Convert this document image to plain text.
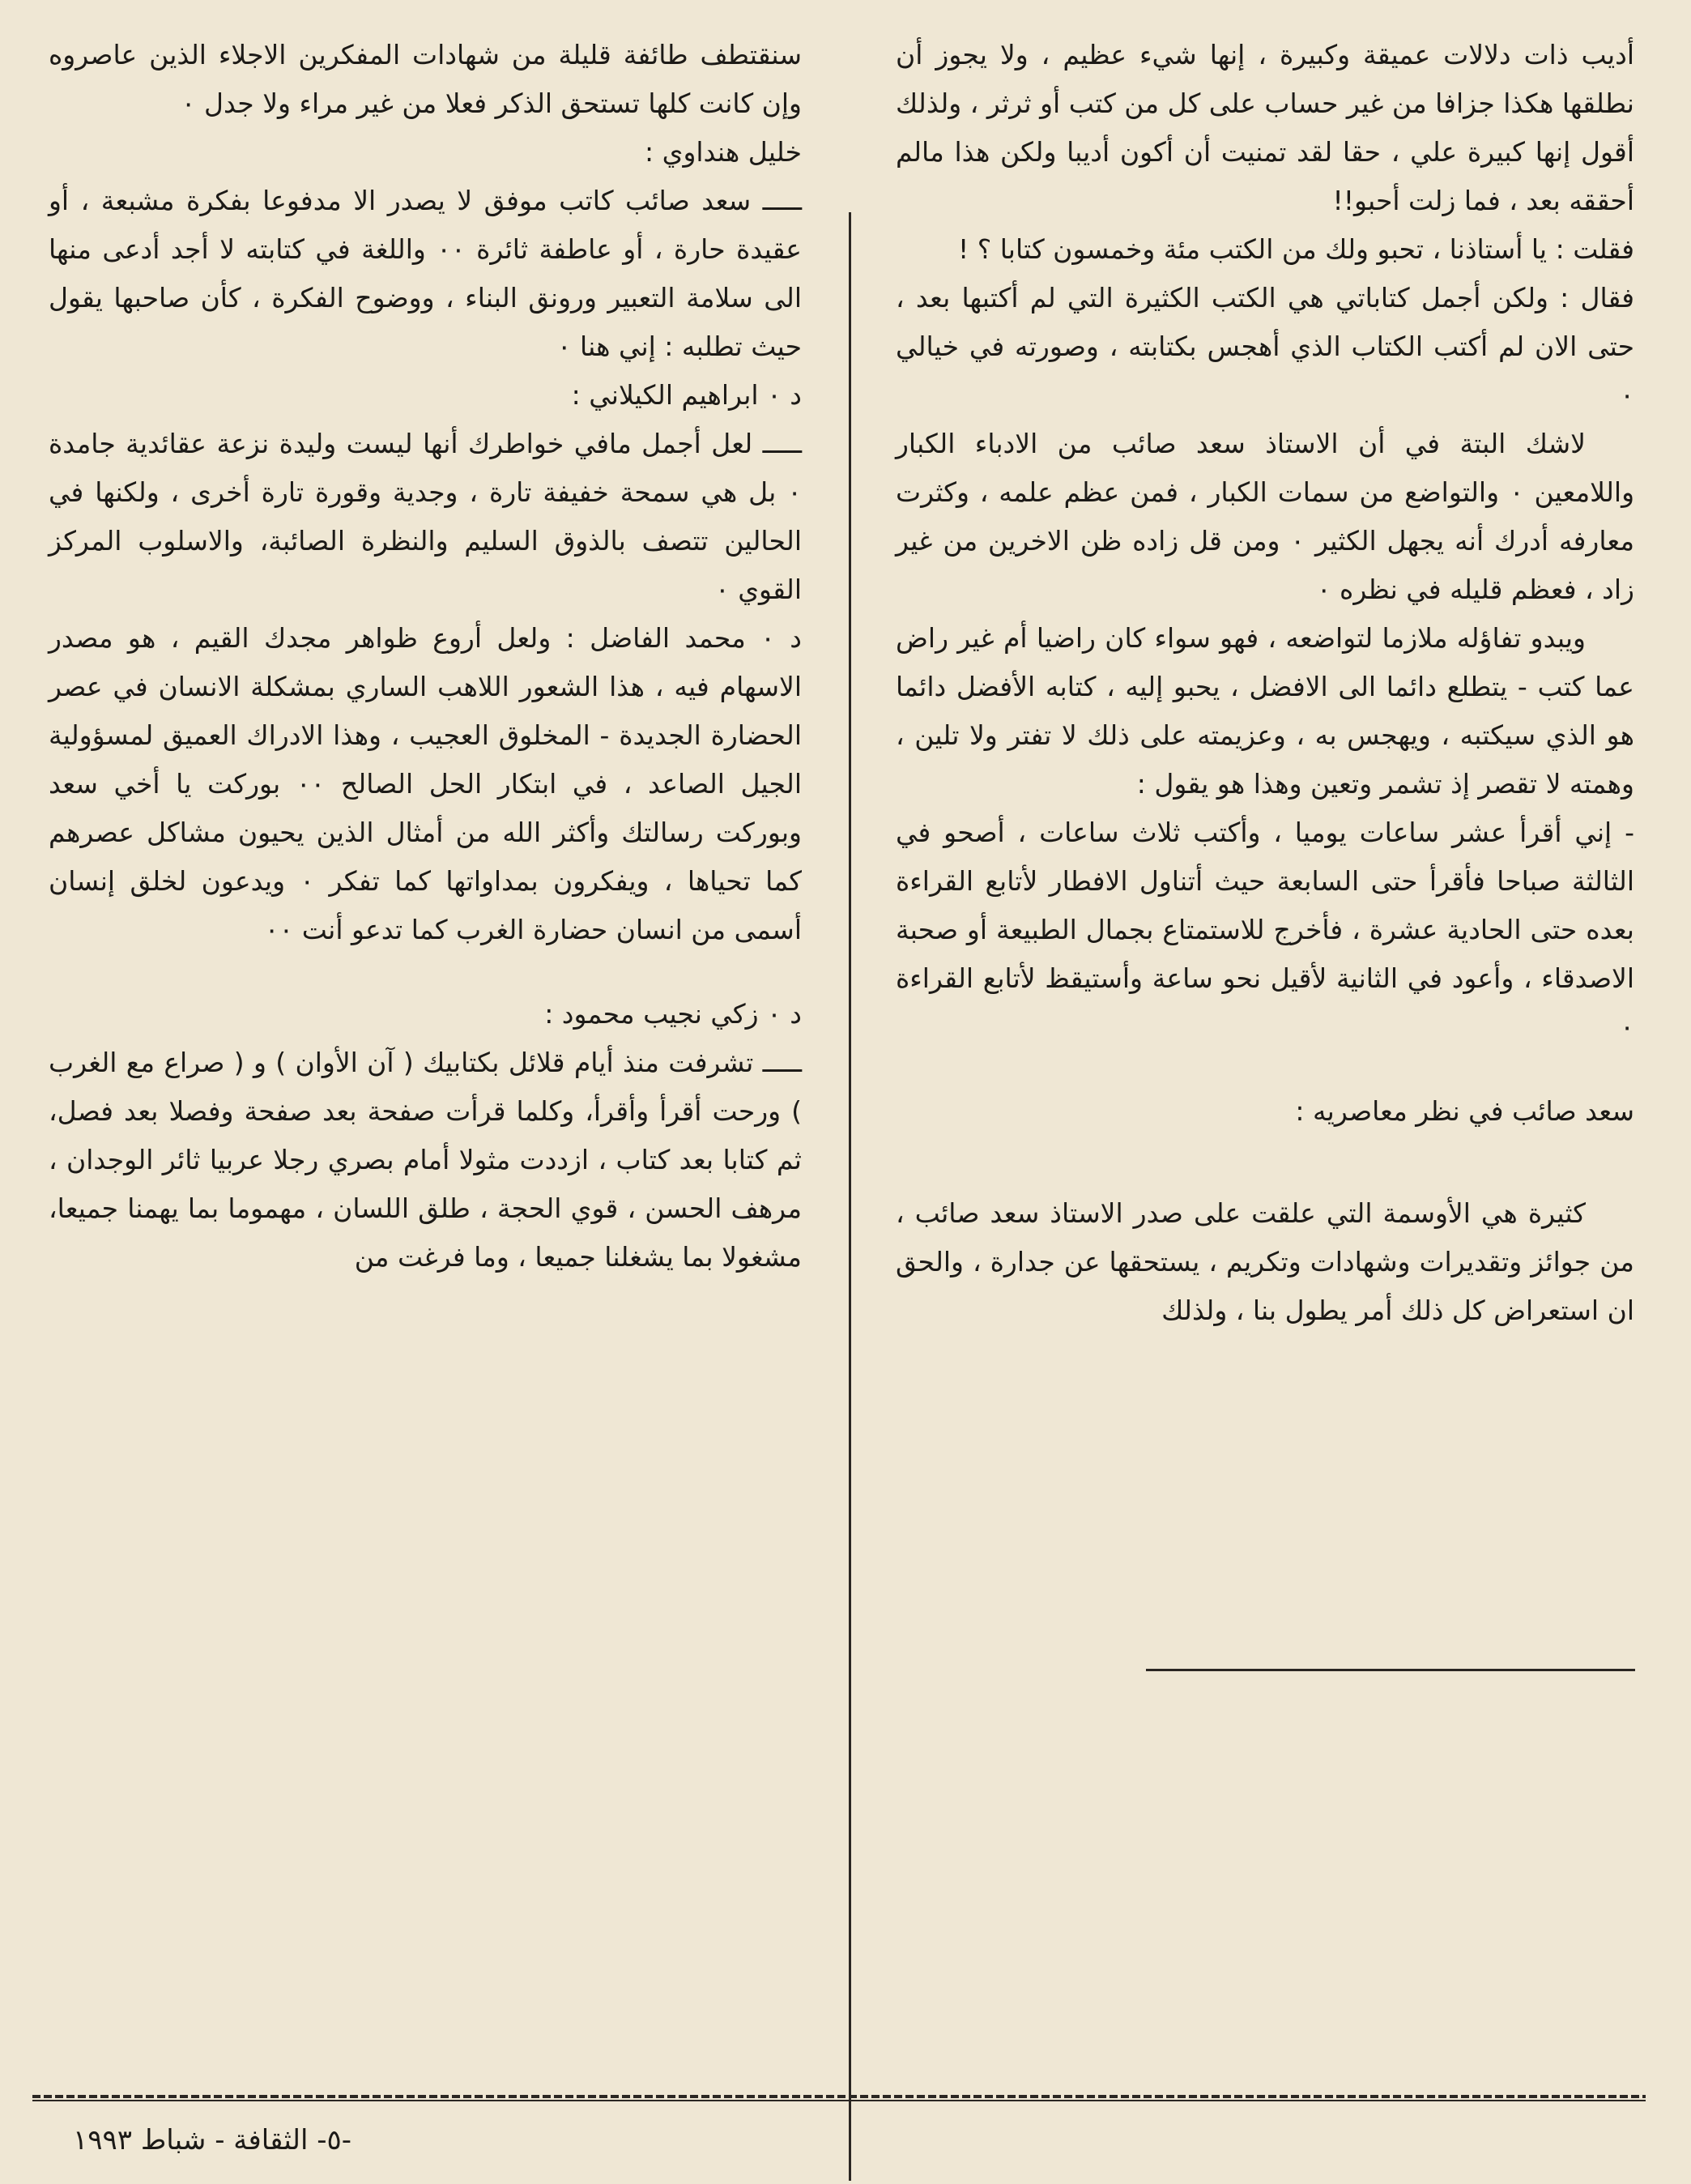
أديب ذات دلالات عميقة وكبيرة ، إنها شيء عظيم ، ولا يجوز أن نطلقها هكذا جزافا من غير حساب على كل من كتب أو ثرثر ، ولذلك أقول إنها كبيرة علي ، حقا لقد تمنيت أن أكون أديبا ولكن هذا مالم أحققه بعد ، فما زلت أحبو!!

فقلت : يا أستاذنا ، تحبو ولك من الكتب مئة وخمسون كتابا ؟ !

فقال : ولكن أجمل كتاباتي هي الكتب الكثيرة التي لم أكتبها بعد ، حتى الان لم أكتب الكتاب الذي أهجس بكتابته ، وصورته في خيالي ٠

لاشك البتة في أن الاستاذ سعد صائب من الادباء الكبار واللامعين ٠ والتواضع من سمات الكبار ، فمن عظم علمه ، وكثرت معارفه أدرك أنه يجهل الكثير ٠ ومن قل زاده ظن الاخرين من غير زاد ، فعظم قليله في نظره ٠

ويبدو تفاؤله ملازما لتواضعه ، فهو سواء كان راضيا أم غير راض عما كتب - يتطلع دائما الى الافضل ، يحبو إليه ، كتابه الأفضل دائما هو الذي سيكتبه ، ويهجس به ، وعزيمته على ذلك لا تفتر ولا تلين ، وهمته لا تقصر إذ تشمر وتعين وهذا هو يقول :

- إني أقرأ عشر ساعات يوميا ، وأكتب ثلاث ساعات ، أصحو في الثالثة صباحا فأقرأ حتى السابعة حيث أتناول الافطار لأتابع القراءة بعده حتى الحادية عشرة ، فأخرج للاستمتاع بجمال الطبيعة أو صحبة الاصدقاء ، وأعود في الثانية لأقيل نحو ساعة وأستيقظ لأتابع القراءة ٠

سعد صائب في نظر معاصريه :

كثيرة هي الأوسمة التي علقت على صدر الاستاذ سعد صائب ، من جوائز وتقديرات وشهادات وتكريم ، يستحقها عن جدارة ، والحق ان استعراض كل ذلك أمر يطول بنا ، ولذلك

سنقتطف طائفة قليلة من شهادات المفكرين الاجلاء الذين عاصروه وإن كانت كلها تستحق الذكر فعلا من غير مراء ولا جدل ٠

خليل هنداوي :

ـــــ سعد صائب كاتب موفق لا يصدر الا مدفوعا بفكرة مشبعة ، أو عقيدة حارة ، أو عاطفة ثائرة ٠٠ واللغة في كتابته لا أجد أدعى منها الى سلامة التعبير ورونق البناء ، ووضوح الفكرة ، كأن صاحبها يقول حيث تطلبه : إني هنا ٠

د ٠ ابراهيم الكيلاني :

ـــــ لعل أجمل مافي خواطرك أنها ليست وليدة نزعة عقائدية جامدة ٠ بل هي سمحة خفيفة تارة ، وجدية وقورة تارة أخرى ، ولكنها في الحالين تتصف بالذوق السليم والنظرة الصائبة، والاسلوب المركز القوي ٠

د ٠ محمد الفاضل : ولعل أروع ظواهر مجدك القيم ، هو مصدر الاسهام فيه ، هذا الشعور اللاهب الساري بمشكلة الانسان في عصر الحضارة الجديدة - المخلوق العجيب ، وهذا الادراك العميق لمسؤولية الجيل الصاعد ، في ابتكار الحل الصالح ٠٠ بوركت يا أخي سعد وبوركت رسالتك وأكثر الله من أمثال الذين يحيون مشاكل عصرهم كما تحياها ، ويفكرون بمداواتها كما تفكر ٠ ويدعون لخلق إنسان أسمى من انسان حضارة الغرب كما تدعو أنت ٠٠

د ٠ زكي نجيب محمود :

ـــــ تشرفت منذ أيام قلائل بكتابيك ( آن الأوان ) و ( صراع مع الغرب ) ورحت أقرأ وأقرأ، وكلما قرأت صفحة بعد صفحة وفصلا بعد فصل، ثم كتابا بعد كتاب ، ازددت مثولا أمام بصري رجلا عربيا ثائر الوجدان ، مرهف الحسن ، قوي الحجة ، طلق اللسان ، مهموما بما يهمنا جميعا، مشغولا بما يشغلنا جميعا ، وما فرغت من

-٥- الثقافة - شباط ١٩٩٣
